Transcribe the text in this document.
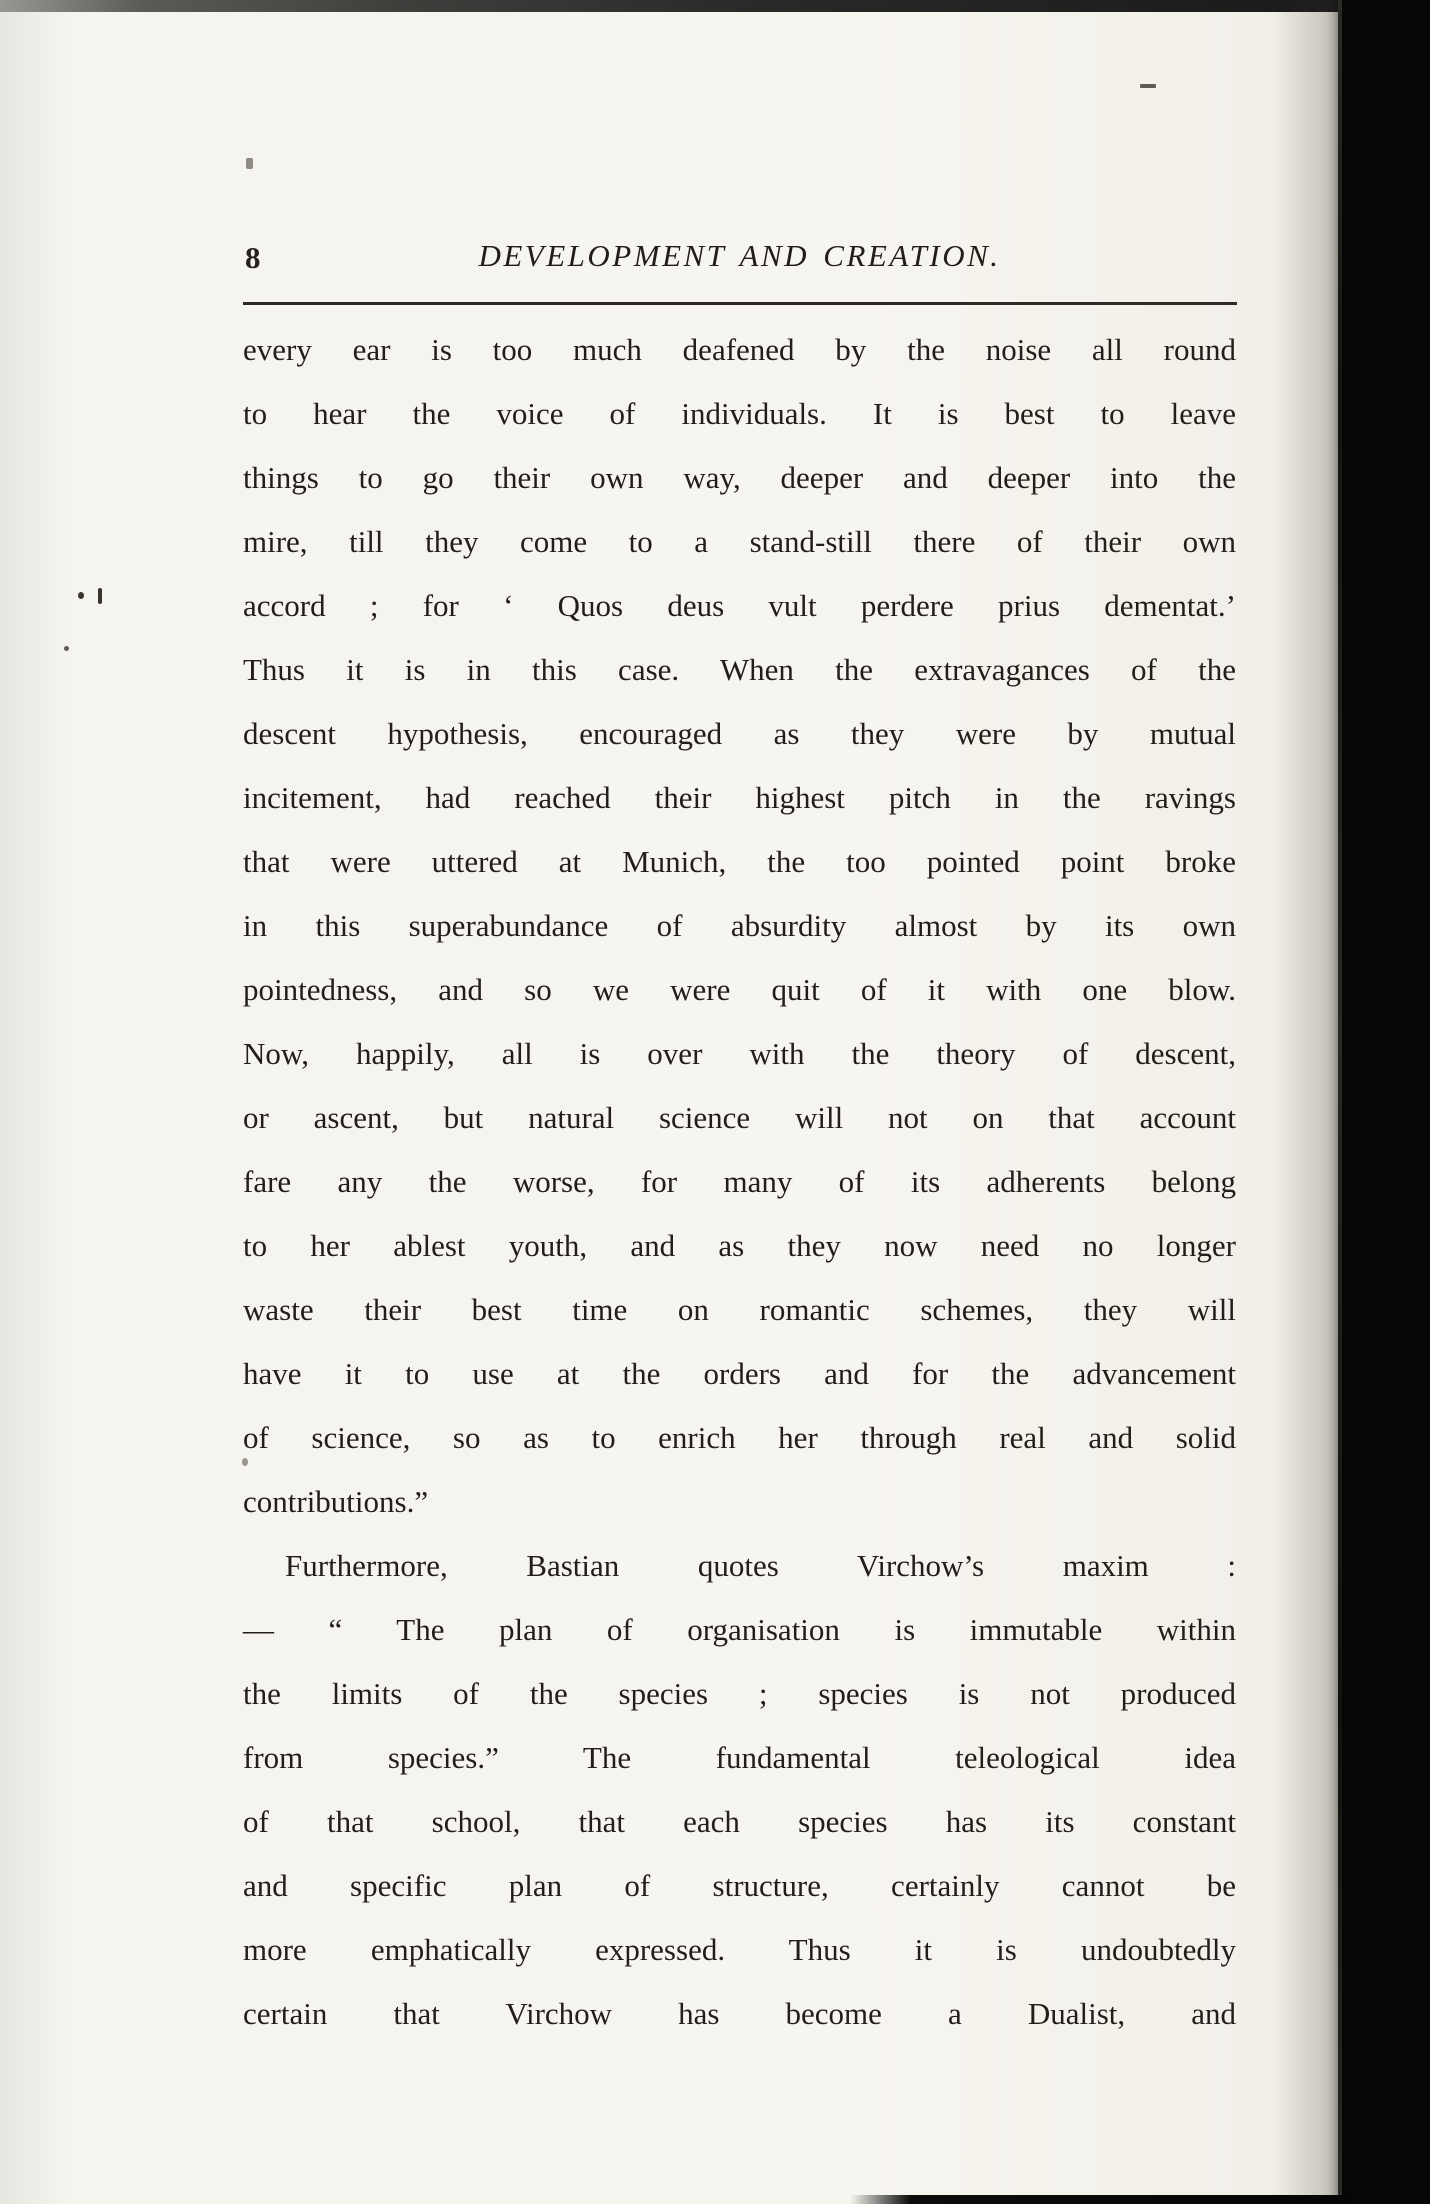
8	DEVELOPMENT AND CREATION.
every ear is too much deafened by the noise all round
to hear the voice of individuals. It is best to leave
things to go their own way, deeper and deeper into the
mire, till they come to a stand-still there of their own
accord ; for ‘ Quos deus vult perdere prius dementat.’
Thus it is in this case. When the extravagances of the
descent hypothesis, encouraged as they were by mutual
incitement, had reached their highest pitch in the ravings
that were uttered at Munich, the too pointed point broke
in this superabundance of absurdity almost by its own
pointedness, and so we were quit of it with one blow.
Now, happily, all is over with the theory of descent,
or ascent, but natural science will not on that account
fare any the worse, for many of its adherents belong
to her ablest youth, and as they now need no longer
waste their best time on romantic schemes, they will
have it to use at the orders and for the advancement
of science, so as to enrich her through real and solid
contributions.”
Furthermore, Bastian quotes Virchow’s maxim :
— “ The plan of organisation is immutable within
the limits of the species ; species is not produced
from species.” The fundamental teleological idea
of that school, that each species has its constant
and specific plan of structure, certainly cannot be
more emphatically expressed. Thus it is undoubtedly
certain that Virchow has become a Dualist, and
